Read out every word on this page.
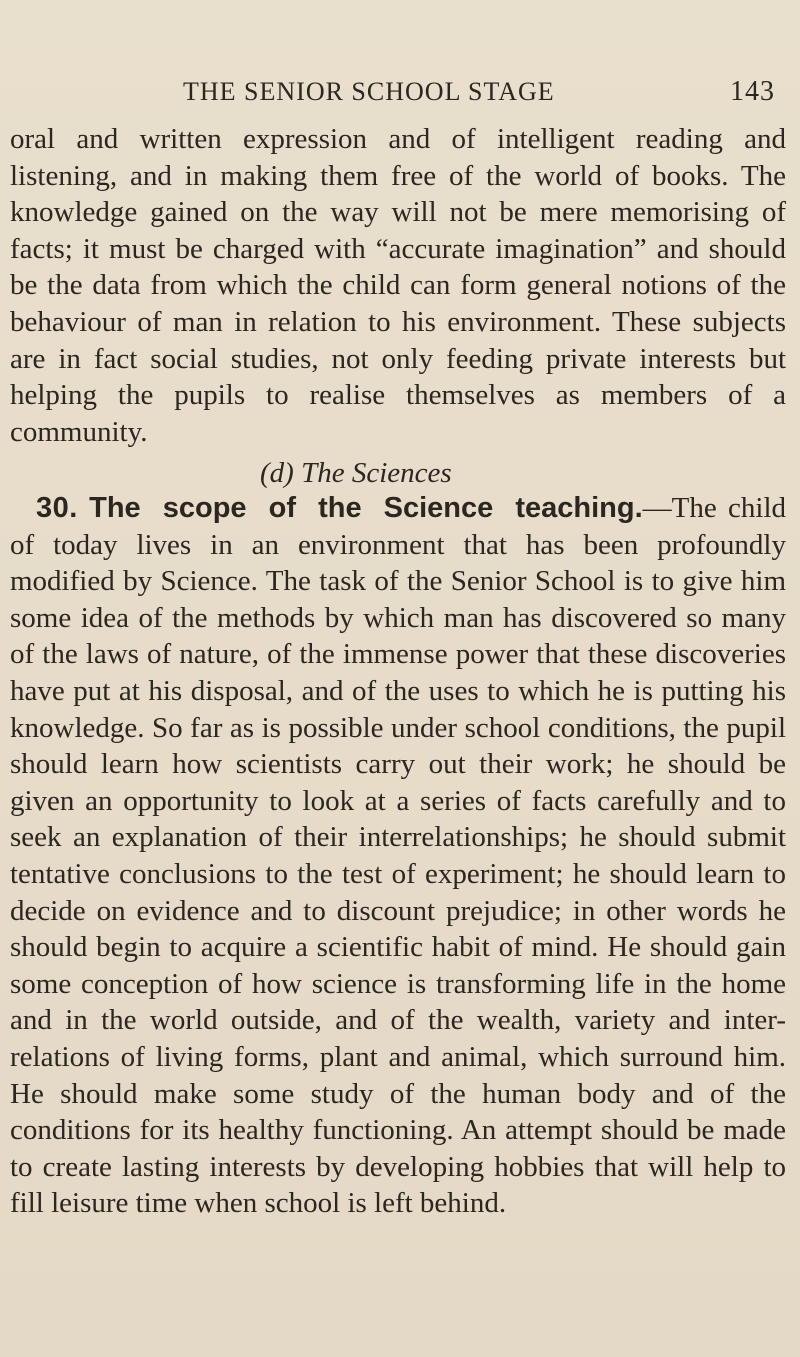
THE SENIOR SCHOOL STAGE	143

oral and written expression and of intelligent reading and listening, and in making them free of the world of books. The knowledge gained on the way will not be mere memorising of facts; it must be charged with “accurate imagination” and should be the data from which the child can form general notions of the behaviour of man in relation to his environment. These subjects are in fact social studies, not only feeding private interests but helping the pupils to realise themselves as members of a community.

(d) The Sciences

30. The scope of the Science teaching.—The child of today lives in an environment that has been profoundly modified by Science. The task of the Senior School is to give him some idea of the methods by which man has discovered so many of the laws of nature, of the immense power that these discoveries have put at his disposal, and of the uses to which he is putting his knowledge. So far as is possible under school conditions, the pupil should learn how scientists carry out their work; he should be given an opportunity to look at a series of facts carefully and to seek an explanation of their interrelationships; he should submit tentative conclusions to the test of experiment; he should learn to decide on evidence and to discount prejudice; in other words he should begin to acquire a scientific habit of mind. He should gain some conception of how science is transforming life in the home and in the world outside, and of the wealth, variety and inter-relations of living forms, plant and animal, which surround him. He should make some study of the human body and of the conditions for its healthy functioning. An attempt should be made to create lasting interests by developing hobbies that will help to fill leisure time when school is left behind.
